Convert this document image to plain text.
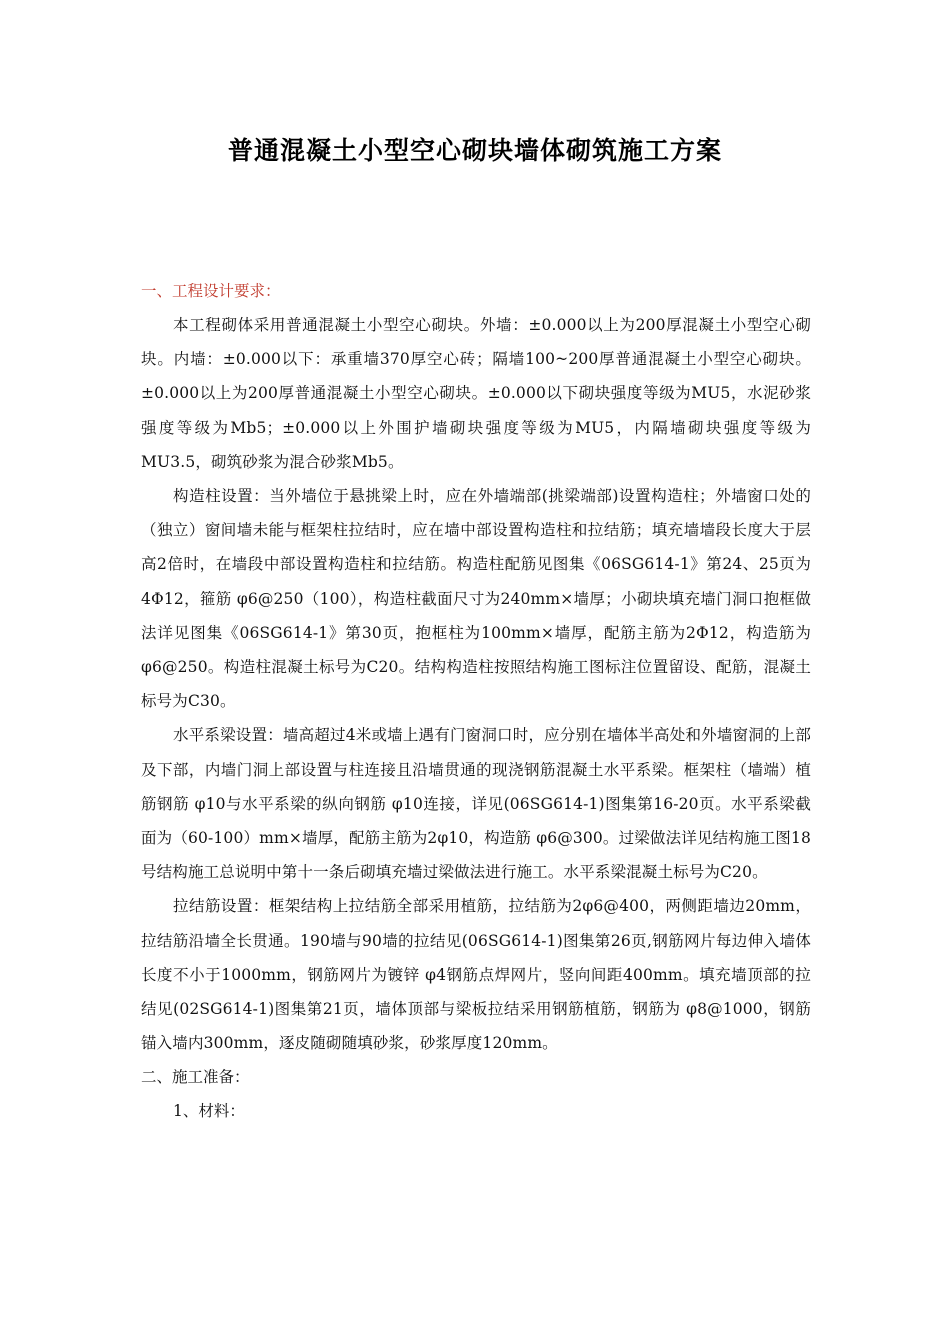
普通混凝土小型空心砌块墙体砌筑施工方案
一、工程设计要求：

本工程砌体采用普通混凝土小型空心砌块。外墙：±0.000以上为200厚混凝土小型空心砌块。内墙：±0.000以下：承重墙370厚空心砖；隔墙100~200厚普通混凝土小型空心砌块。±0.000以上为200厚普通混凝土小型空心砌块。±0.000以下砌块强度等级为MU5，水泥砂浆强度等级为Mb5；±0.000以上外围护墙砌块强度等级为MU5，内隔墙砌块强度等级为MU3.5，砌筑砂浆为混合砂浆Mb5。

构造柱设置：当外墙位于悬挑梁上时，应在外墙端部(挑梁端部)设置构造柱；外墙窗口处的（独立）窗间墙未能与框架柱拉结时，应在墙中部设置构造柱和拉结筋；填充墙墙段长度大于层高2倍时，在墙段中部设置构造柱和拉结筋。构造柱配筋见图集《06SG614-1》第24、25页为4Φ12，箍筋 φ6@250（100），构造柱截面尺寸为240mm×墙厚；小砌块填充墙门洞口抱框做法详见图集《06SG614-1》第30页，抱框柱为100mm×墙厚，配筋主筋为2Φ12，构造筋为φ6@250。构造柱混凝土标号为C20。结构构造柱按照结构施工图标注位置留设、配筋，混凝土标号为C30。

水平系梁设置：墙高超过4米或墙上遇有门窗洞口时，应分别在墙体半高处和外墙窗洞的上部及下部，内墙门洞上部设置与柱连接且沿墙贯通的现浇钢筋混凝土水平系梁。框架柱（墙端）植筋钢筋 φ10与水平系梁的纵向钢筋 φ10连接，详见(06SG614-1)图集第16-20页。水平系梁截面为（60-100）mm×墙厚，配筋主筋为2φ10，构造筋 φ6@300。过梁做法详见结构施工图18号结构施工总说明中第十一条后砌填充墙过梁做法进行施工。水平系梁混凝土标号为C20。

拉结筋设置：框架结构上拉结筋全部采用植筋，拉结筋为2φ6@400，两侧距墙边20mm，拉结筋沿墙全长贯通。190墙与90墙的拉结见(06SG614-1)图集第26页,钢筋网片每边伸入墙体长度不小于1000mm，钢筋网片为镀锌 φ4钢筋点焊网片，竖向间距400mm。填充墙顶部的拉结见(02SG614-1)图集第21页，墙体顶部与梁板拉结采用钢筋植筋，钢筋为 φ8@1000，钢筋锚入墙内300mm，逐皮随砌随填砂浆，砂浆厚度120mm。

二、施工准备：
1、材料：
